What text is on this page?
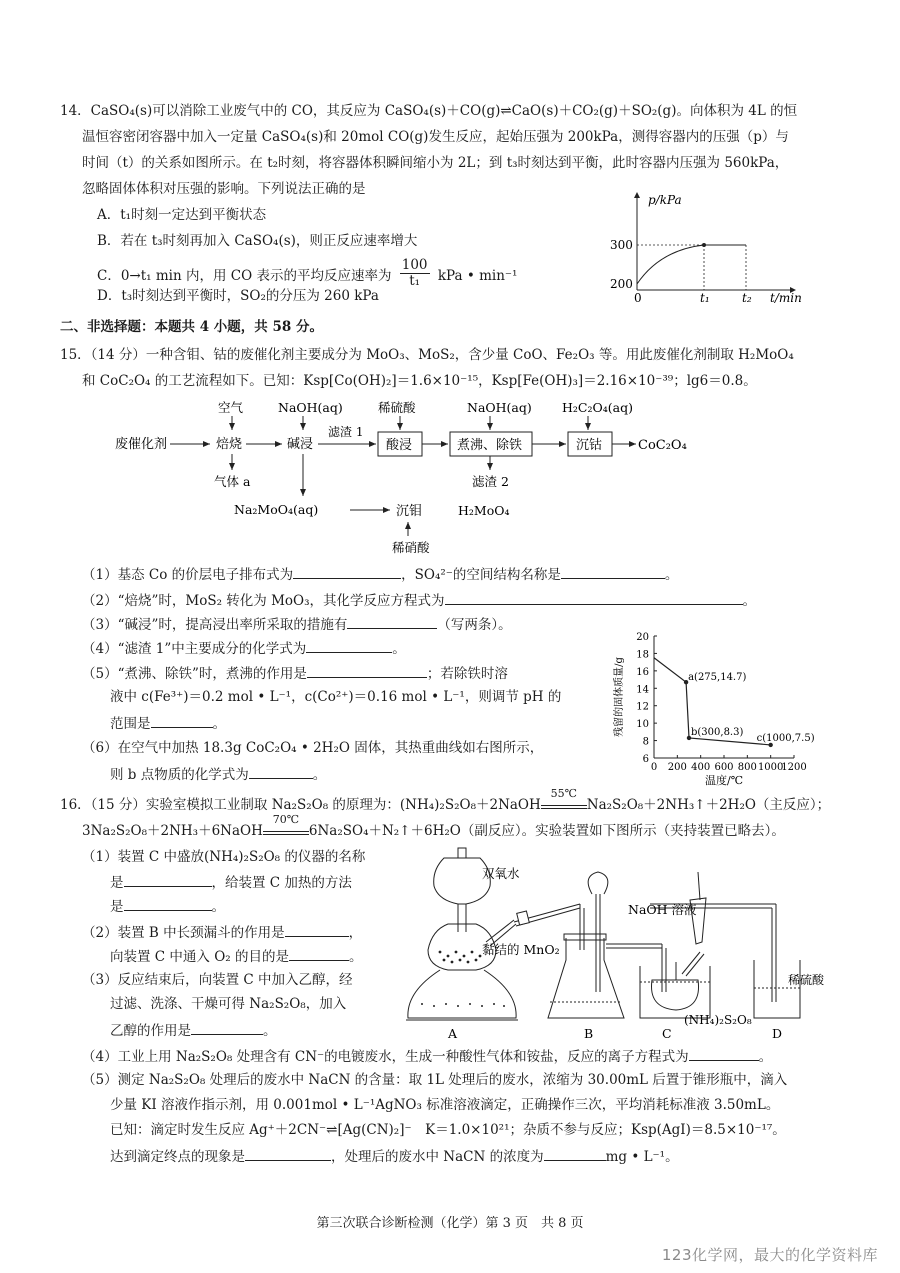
14．CaSO₄(s)可以消除工业废气中的 CO，其反应为 CaSO₄(s)＋CO(g)⇌CaO(s)＋CO₂(g)＋SO₂(g)。向体积为 4L 的恒
温恒容密闭容器中加入一定量 CaSO₄(s)和 20mol CO(g)发生反应，起始压强为 200kPa，测得容器内的压强（p）与
时间（t）的关系如图所示。在 t₂时刻，将容器体积瞬间缩小为 2L；到 t₃时刻达到平衡，此时容器内压强为 560kPa，
忽略固体体积对压强的影响。下列说法正确的是
A．t₁时刻一定达到平衡状态
B．若在 t₃时刻再加入 CaSO₄(s)，则正反应速率增大
C．0→t₁ min 内，用 CO 表示的平均反应速率为 $\frac{100}{\text{t₁}}$ kPa • min⁻¹
D．t₃时刻达到平衡时，SO₂的分压为 260 kPa
p/kPa
300
200
0	t₁	t₂ t/min
二、非选择题：本题共 4 小题，共 58 分。
15．（14 分）一种含钼、钴的废催化剂主要成分为 MoO₃、MoS₂，含少量 CoO、Fe₂O₃ 等。用此废催化剂制取 H₂MoO₄
和 CoC₂O₄ 的工艺流程如下。已知：Ksp[Co(OH)₂]＝1.6×10⁻¹⁵，Ksp[Fe(OH)₃]＝2.16×10⁻³⁹；lg6＝0.8。
空气	NaOH(aq)	稀硫酸	NaOH(aq) H₂C₂O₄(aq)
废催化剂	焙烧	碱浸
滤渣 1
酸浸	煮沸、除铁	沉钴	CoC₂O₄
气体 a	滤渣 2
Na₂MoO₄(aq)	沉钼	H₂MoO₄
稀硝酸
（1）基态 Co 的价层电子排布式为	，SO₄²⁻的空间结构名称是	。
（2）“焙烧”时，MoS₂ 转化为 MoO₃，其化学反应方程式为	。
（3）“碱浸”时，提高浸出率所采取的措施有	（写两条）。
（4）“滤渣 1”中主要成分的化学式为	。
（5）“煮沸、除铁”时，煮沸的作用是	；若除铁时溶
液中 c(Fe³⁺)＝0.2 mol • L⁻¹，c(Co²⁺)＝0.16 mol • L⁻¹，则调节 pH 的
范围是	。
（6）在空气中加热 18.3g CoC₂O₄ • 2H₂O 固体，其热重曲线如右图所示，
则 b 点物质的化学式为	。
6
8
10
12
14
16
18
20
0 200 400 600 800 1000
1200
a(275,14.7)
b(300,8.3)
c(1000,7.5)
温度/℃
残留的固体质量/g
16．（15 分）实验室模拟工业制取 Na₂S₂O₈ 的原理为：(NH₄)₂S₂O₈＋2NaOH
55℃
Na₂S₂O₈＋2NH₃↑＋2H₂O（主反应）；
3Na₂S₂O₈＋2NH₃＋6NaOH
70℃
6Na₂SO₄＋N₂↑＋6H₂O（副反应）。实验装置如下图所示（夹持装置已略去）。
（1）装置 C 中盛放(NH₄)₂S₂O₈ 的仪器的名称
是	，给装置 C 加热的方法
是	。
（2）装置 B 中长颈漏斗的作用是	，
向装置 C 中通入 O₂ 的目的是	。
（3）反应结束后，向装置 C 中加入乙醇，经
过滤、洗涤、干燥可得 Na₂S₂O₈，加入
乙醇的作用是	。
双氧水
黏结的 MnO₂
NaOH 溶液
稀硫酸
(NH₄)₂S₂O₈
A	B	C	D
（4）工业上用 Na₂S₂O₈ 处理含有 CN⁻的电镀废水，生成一种酸性气体和铵盐，反应的离子方程式为	。
（5）测定 Na₂S₂O₈ 处理后的废水中 NaCN 的含量：取 1L 处理后的废水，浓缩为 30.00mL 后置于锥形瓶中，滴入
少量 KI 溶液作指示剂，用 0.001mol • L⁻¹AgNO₃ 标准溶液滴定，正确操作三次，平均消耗标准液 3.50mL。
已知：滴定时发生反应 Ag⁺＋2CN⁻⇌[Ag(CN)₂]⁻　K＝1.0×10²¹；杂质不参与反应；Ksp(AgI)＝8.5×10⁻¹⁷。
达到滴定终点的现象是	，处理后的废水中 NaCN 的浓度为	mg • L⁻¹。
第三次联合诊断检测（化学）第 3 页　共 8 页
123化学网，最大的化学资料库
